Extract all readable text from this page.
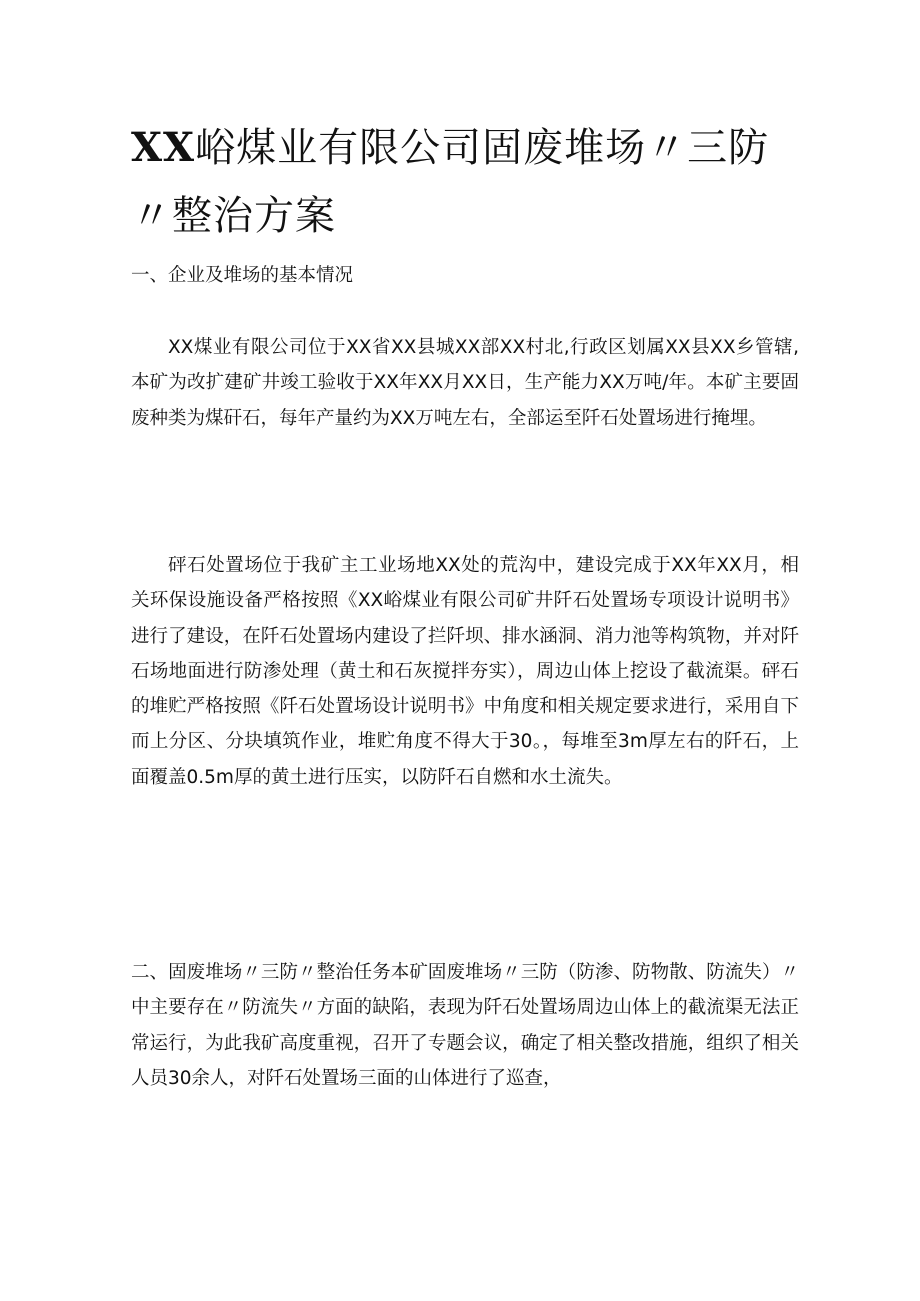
XX峪煤业有限公司固废堆场〃三防〃整治方案

一、企业及堆场的基本情况

XX煤业有限公司位于XX省XX县城XX部XX村北,行政区划属XX县XX乡管辖,本矿为改扩建矿井竣工验收于XX年XX月XX日，生产能力XX万吨/年。本矿主要固废种类为煤矸石，每年产量约为XX万吨左右，全部运至阡石处置场进行掩埋。

砰石处置场位于我矿主工业场地XX处的荒沟中，建设完成于XX年XX月，相关环保设施设备严格按照《XX峪煤业有限公司矿井阡石处置场专项设计说明书》进行了建设，在阡石处置场内建设了拦阡坝、排水涵洞、消力池等构筑物，并对阡石场地面进行防渗处理（黄土和石灰搅拌夯实），周边山体上挖设了截流渠。砰石的堆贮严格按照《阡石处置场设计说明书》中角度和相关规定要求进行，采用自下而上分区、分块填筑作业，堆贮角度不得大于30。，每堆至3m厚左右的阡石，上面覆盖0.5m厚的黄土进行压实，以防阡石自燃和水土流失。

二、固废堆场〃三防〃整治任务本矿固废堆场〃三防（防渗、防物散、防流失）〃中主要存在〃防流失〃方面的缺陷，表现为阡石处置场周边山体上的截流渠无法正常运行，为此我矿高度重视，召开了专题会议，确定了相关整改措施，组织了相关人员30余人，对阡石处置场三面的山体进行了巡查，
